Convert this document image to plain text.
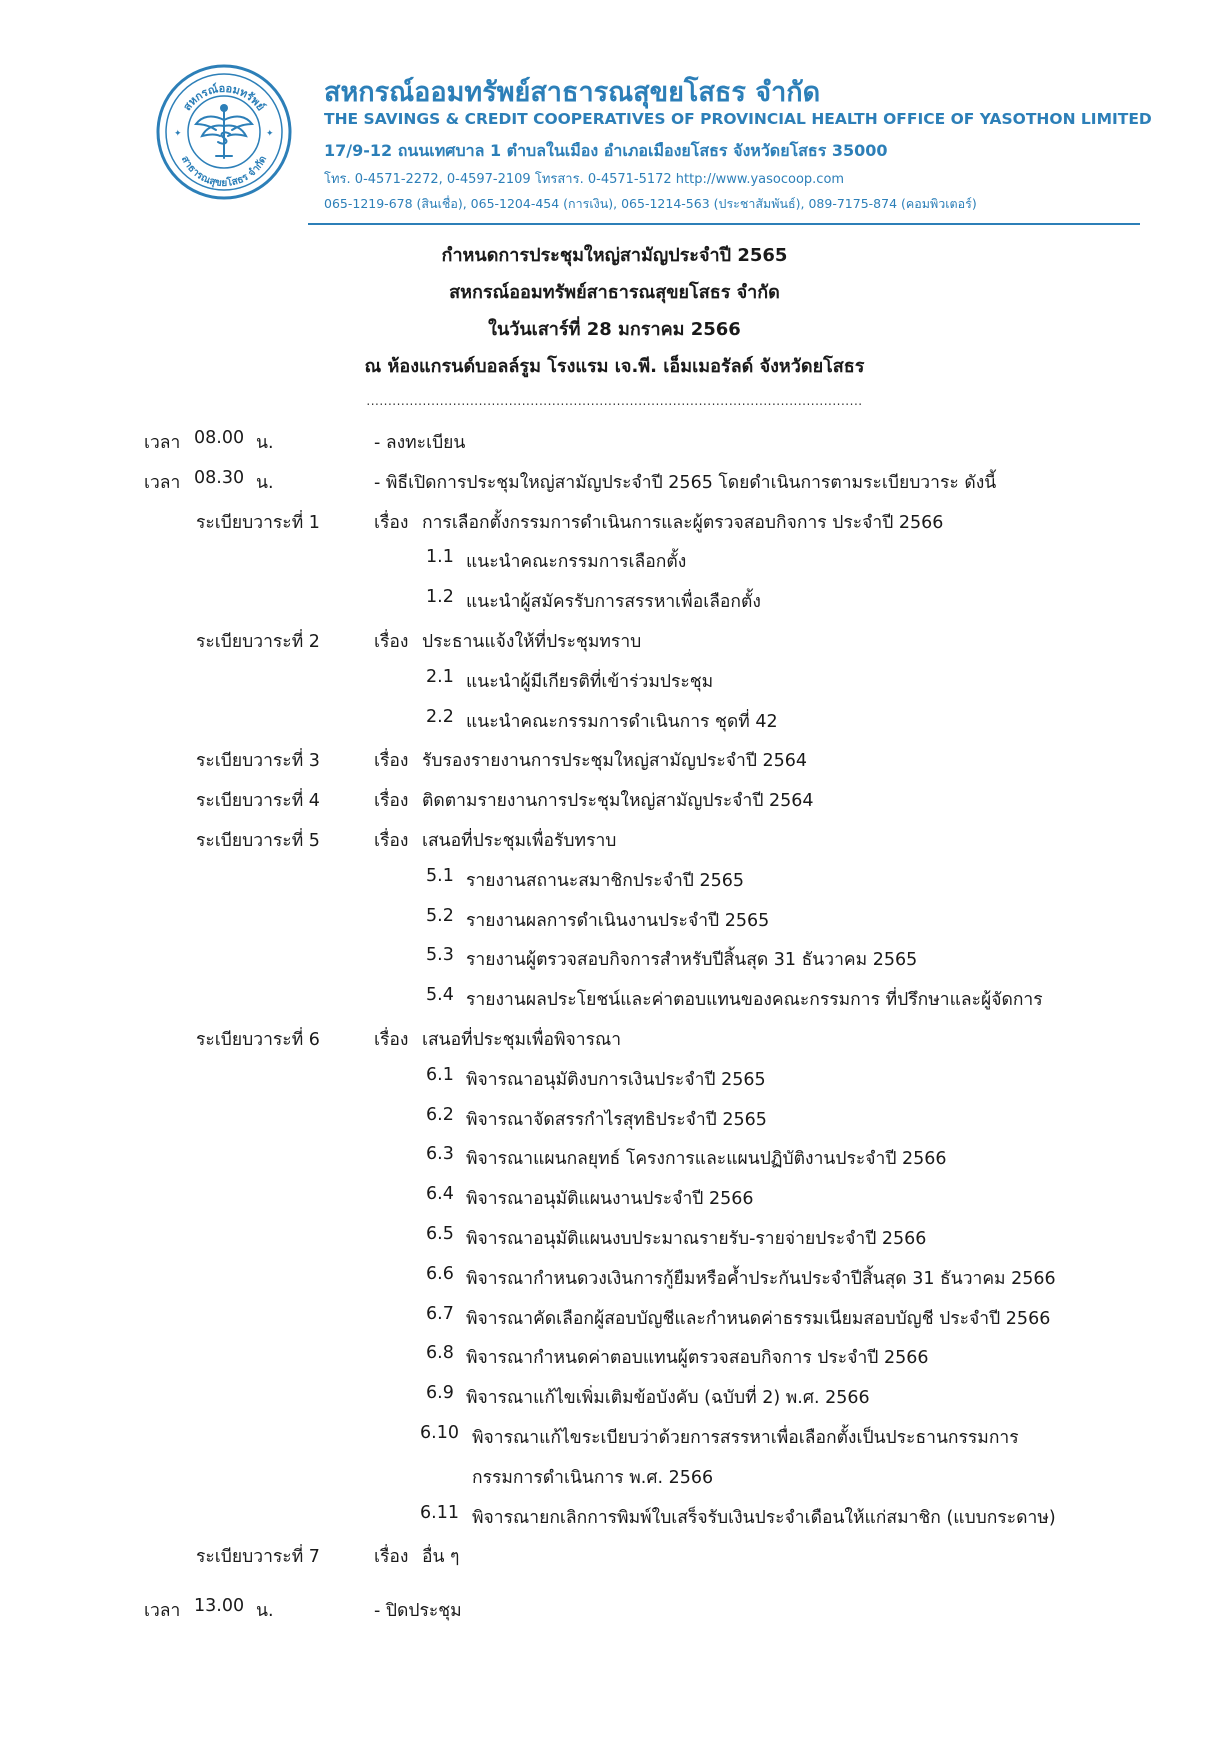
สหกรณ์ออมทรัพย์
สาธารณสุขยโสธร จำกัด
✦	✦
สหกรณ์ออมทรัพย์สาธารณสุขยโสธร จำกัด
THE SAVINGS & CREDIT COOPERATIVES OF PROVINCIAL HEALTH OFFICE OF YASOTHON LIMITED
17/9-12 ถนนเทศบาล 1 ตำบลในเมือง อำเภอเมืองยโสธร จังหวัดยโสธร 35000
โทร. 0-4571-2272, 0-4597-2109 โทรสาร. 0-4571-5172 http://www.yasocoop.com
065-1219-678 (สินเชื่อ), 065-1204-454 (การเงิน), 065-1214-563 (ประชาสัมพันธ์), 089-7175-874 (คอมพิวเตอร์)
กำหนดการประชุมใหญ่สามัญประจำปี 2565
สหกรณ์ออมทรัพย์สาธารณสุขยโสธร จำกัด
ในวันเสาร์ที่ 28 มกราคม 2566
ณ ห้องแกรนด์บอลล์รูม โรงแรม เจ.พี. เอ็มเมอรัลด์ จังหวัดยโสธร
...................................................................................................................
เวลา 08.00 น.	- ลงทะเบียน
เวลา 08.30 น.	- พิธีเปิดการประชุมใหญ่สามัญประจำปี 2565 โดยดำเนินการตามระเบียบวาระ ดังนี้
ระเบียบวาระที่ 1	เรื่อง การเลือกตั้งกรรมการดำเนินการและผู้ตรวจสอบกิจการ ประจำปี 2566
1.1 แนะนำคณะกรรมการเลือกตั้ง
1.2 แนะนำผู้สมัครรับการสรรหาเพื่อเลือกตั้ง
ระเบียบวาระที่ 2	เรื่อง ประธานแจ้งให้ที่ประชุมทราบ
2.1 แนะนำผู้มีเกียรติที่เข้าร่วมประชุม
2.2 แนะนำคณะกรรมการดำเนินการ ชุดที่ 42
ระเบียบวาระที่ 3	เรื่อง รับรองรายงานการประชุมใหญ่สามัญประจำปี 2564
ระเบียบวาระที่ 4	เรื่อง ติดตามรายงานการประชุมใหญ่สามัญประจำปี 2564
ระเบียบวาระที่ 5	เรื่อง เสนอที่ประชุมเพื่อรับทราบ
5.1 รายงานสถานะสมาชิกประจำปี 2565
5.2 รายงานผลการดำเนินงานประจำปี 2565
5.3 รายงานผู้ตรวจสอบกิจการสำหรับปีสิ้นสุด 31 ธันวาคม 2565
5.4 รายงานผลประโยชน์และค่าตอบแทนของคณะกรรมการ ที่ปรึกษาและผู้จัดการ
ระเบียบวาระที่ 6	เรื่อง เสนอที่ประชุมเพื่อพิจารณา
6.1 พิจารณาอนุมัติงบการเงินประจำปี 2565
6.2 พิจารณาจัดสรรกำไรสุทธิประจำปี 2565
6.3 พิจารณาแผนกลยุทธ์ โครงการและแผนปฏิบัติงานประจำปี 2566
6.4 พิจารณาอนุมัติแผนงานประจำปี 2566
6.5 พิจารณาอนุมัติแผนงบประมาณรายรับ-รายจ่ายประจำปี 2566
6.6 พิจารณากำหนดวงเงินการกู้ยืมหรือค้ำประกันประจำปีสิ้นสุด 31 ธันวาคม 2566
6.7 พิจารณาคัดเลือกผู้สอบบัญชีและกำหนดค่าธรรมเนียมสอบบัญชี ประจำปี 2566
6.8 พิจารณากำหนดค่าตอบแทนผู้ตรวจสอบกิจการ ประจำปี 2566
6.9 พิจารณาแก้ไขเพิ่มเติมข้อบังคับ (ฉบับที่ 2) พ.ศ. 2566
6.10 พิจารณาแก้ไขระเบียบว่าด้วยการสรรหาเพื่อเลือกตั้งเป็นประธานกรรมการ
กรรมการดำเนินการ พ.ศ. 2566
6.11 พิจารณายกเลิกการพิมพ์ใบเสร็จรับเงินประจำเดือนให้แก่สมาชิก (แบบกระดาษ)
ระเบียบวาระที่ 7	เรื่อง อื่น ๆ
เวลา 13.00 น.	- ปิดประชุม
